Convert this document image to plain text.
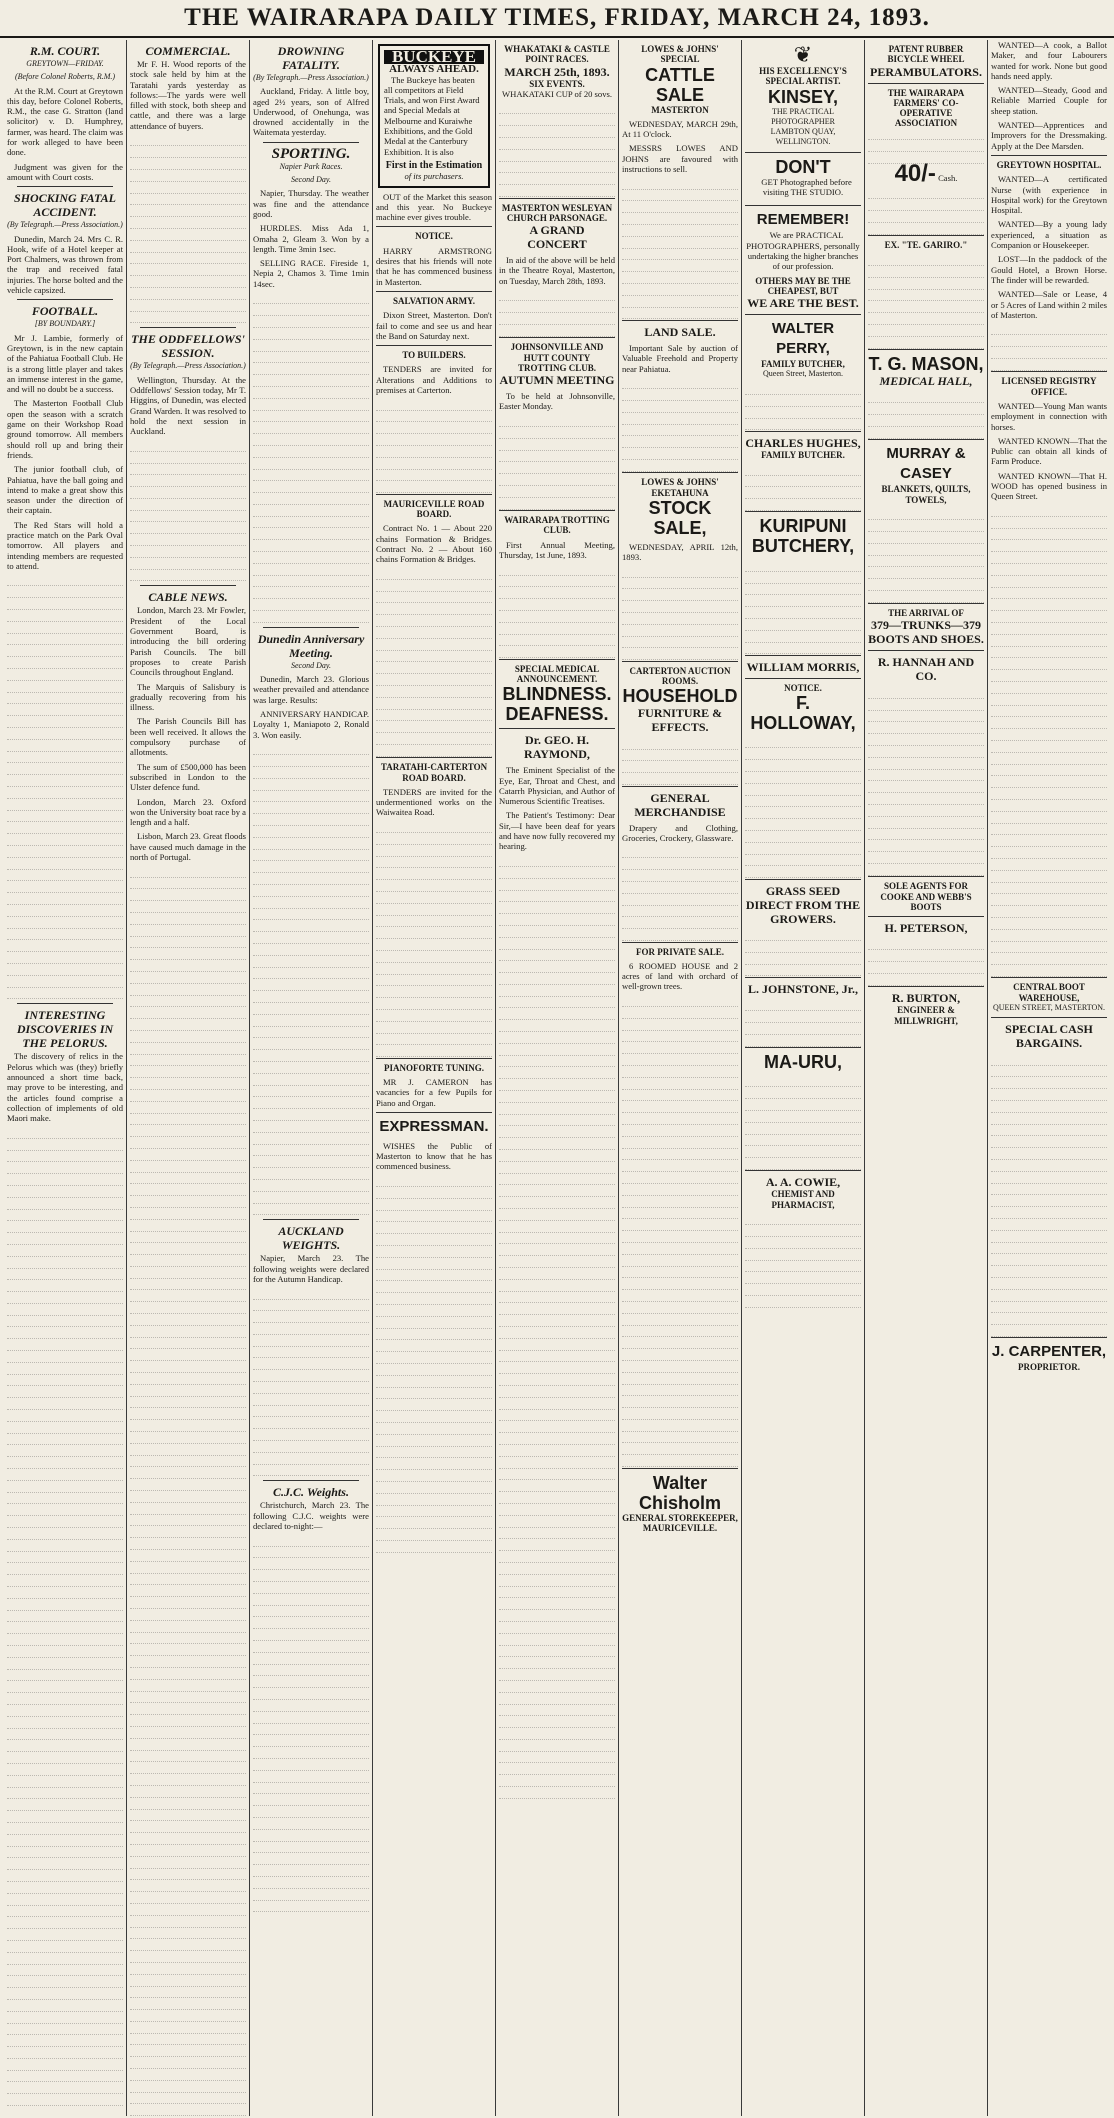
THE WAIRARAPA DAILY TIMES, FRIDAY, MARCH 24, 1893.
R.M. COURT.
GREYTOWN—FRIDAY.
(Before Colonel Roberts, R.M.)

At the R.M. Court at Greytown this day, before Colonel Roberts, R.M., the case G. Stratton (land solicitor) v. D. Humphrey, farmer, was heard. The claim was for work alleged to have been done.

Judgment was given for the amount with Court costs.

SHOCKING FATAL ACCIDENT.
(By Telegraph.—Press Association.)

Dunedin, March 24. Mrs C. R. Hook, wife of a Hotel keeper at Port Chalmers, was thrown from the trap and received fatal injuries. The horse bolted and the vehicle capsized.

FOOTBALL.
[BY BOUNDARY.]

Mr J. Lambie, formerly of Greytown, is in the new captain of the Pahiatua Football Club. He is a strong little player and takes an immense interest in the game, and will no doubt be a success.

The Masterton Football Club open the season with a scratch game on their Workshop Road ground tomorrow. All members should roll up and bring their friends.

The junior football club, of Pahiatua, have the ball going and intend to make a great show this season under the direction of their captain.

The Red Stars will hold a practice match on the Park Oval tomorrow. All players and intending members are requested to attend.

INTERESTING DISCOVERIES IN THE PELORUS.

The discovery of relics in the Pelorus which was (they) briefly announced a short time back, may prove to be interesting, and the articles found comprise a collection of implements of old Maori make.

COMMERCIAL.

Mr F. H. Wood reports of the stock sale held by him at the Taratahi yards yesterday as follows:—The yards were well filled with stock, both sheep and cattle, and there was a large attendance of buyers.

THE ODDFELLOWS' SESSION.
(By Telegraph.—Press Association.)

Wellington, Thursday. At the Oddfellows' Session today, Mr T. Higgins, of Dunedin, was elected Grand Warden. It was resolved to hold the next session in Auckland.

CABLE NEWS.

London, March 23. Mr Fowler, President of the Local Government Board, is introducing the bill ordering Parish Councils. The bill proposes to create Parish Councils throughout England.

The Marquis of Salisbury is gradually recovering from his illness.

The Parish Councils Bill has been well received. It allows the compulsory purchase of allotments.

The sum of £500,000 has been subscribed in London to the Ulster defence fund.

London, March 23. Oxford won the University boat race by a length and a half.

Lisbon, March 23. Great floods have caused much damage in the north of Portugal.

DROWNING FATALITY.
(By Telegraph.—Press Association.)

Auckland, Friday. A little boy, aged 2½ years, son of Alfred Underwood, of Onehunga, was drowned accidentally in the Waitemata yesterday.

SPORTING.
Napier Park Races.
Second Day.

Napier, Thursday. The weather was fine and the attendance good.

HURDLES. Miss Ada 1, Omaha 2, Gleam 3. Won by a length. Time 3min 1sec.

SELLING RACE. Fireside 1, Nepia 2, Chamos 3. Time 1min 14sec.

Dunedin Anniversary Meeting.
Second Day.

Dunedin, March 23. Glorious weather prevailed and attendance was large. Results:

ANNIVERSARY HANDICAP. Loyalty 1, Maniapoto 2, Ronald 3. Won easily.

AUCKLAND WEIGHTS.

Napier, March 23. The following weights were declared for the Autumn Handicap.

C.J.C. Weights.

Christchurch, March 23. The following C.J.C. weights were declared to-night:—

BUCKEYE
ALWAYS AHEAD.

The Buckeye has beaten all competitors at Field Trials, and won First Award and Special Medals at Melbourne and Kuraiwhe Exhibitions, and the Gold Medal at the Canterbury Exhibition. It is also

First in the Estimation
of its purchasers.

OUT of the Market this season and this year. No Buckeye machine ever gives trouble.

NOTICE.

HARRY ARMSTRONG desires that his friends will note that he has commenced business in Masterton.

SALVATION ARMY.

Dixon Street, Masterton. Don't fail to come and see us and hear the Band on Saturday next.

TO BUILDERS.

TENDERS are invited for Alterations and Additions to premises at Carterton.

MAURICEVILLE ROAD BOARD.

Contract No. 1 — About 220 chains Formation & Bridges. Contract No. 2 — About 160 chains Formation & Bridges.

TARATAHI-CARTERTON ROAD BOARD.

TENDERS are invited for the undermentioned works on the Waiwaitea Road.

PIANOFORTE TUNING.

MR J. CAMERON has vacancies for a few Pupils for Piano and Organ.

EXPRESSMAN.

WISHES the Public of Masterton to know that he has commenced business.

WHAKATAKI & CASTLE POINT RACES.
MARCH 25th, 1893.
SIX EVENTS.
WHAKATAKI CUP of 20 sovs.
MASTERTON WESLEYAN CHURCH PARSONAGE.
A GRAND CONCERT

In aid of the above will be held in the Theatre Royal, Masterton, on Tuesday, March 28th, 1893.

JOHNSONVILLE AND HUTT COUNTY TROTTING CLUB.
AUTUMN MEETING

To be held at Johnsonville, Easter Monday.

WAIRARAPA TROTTING CLUB.

First Annual Meeting, Thursday, 1st June, 1893.

SPECIAL MEDICAL ANNOUNCEMENT.
BLINDNESS.
DEAFNESS.
Dr. GEO. H. RAYMOND,

The Eminent Specialist of the Eye, Ear, Throat and Chest, and Catarrh Physician, and Author of Numerous Scientific Treatises.

The Patient's Testimony: Dear Sir,—I have been deaf for years and have now fully recovered my hearing.

LOWES & JOHNS'
SPECIAL
CATTLE SALE
MASTERTON

WEDNESDAY, MARCH 29th, At 11 O'clock.

MESSRS LOWES AND JOHNS are favoured with instructions to sell.

LAND SALE.

Important Sale by auction of Valuable Freehold and Property near Pahiatua.

LOWES & JOHNS'
EKETAHUNA
STOCK SALE,

WEDNESDAY, APRIL 12th, 1893.

CARTERTON AUCTION ROOMS.
HOUSEHOLD
FURNITURE & EFFECTS.
GENERAL MERCHANDISE

Drapery and Clothing, Groceries, Crockery, Glassware.

FOR PRIVATE SALE.

6 ROOMED HOUSE and 2 acres of land with orchard of well-grown trees.

Walter Chisholm
GENERAL STOREKEEPER,
MAURICEVILLE.
❦
HIS EXCELLENCY'S SPECIAL ARTIST.
KINSEY,
THE PRACTICAL PHOTOGRAPHER
LAMBTON QUAY, WELLINGTON.
DON'T

GET Photographed before visiting THE STUDIO.

REMEMBER!

We are PRACTICAL PHOTOGRAPHERS, personally undertaking the higher branches of our profession.

OTHERS MAY BE THE CHEAPEST, BUT
WE ARE THE BEST.
WALTER PERRY,
FAMILY BUTCHER,
Queen Street, Masterton.
CHARLES HUGHES,
FAMILY BUTCHER.
KURIPUNI
BUTCHERY,
WILLIAM MORRIS,
NOTICE.
F. HOLLOWAY,
GRASS SEED DIRECT FROM THE GROWERS.
L. JOHNSTONE, Jr.,
MA-URU,
A. A. COWIE,
CHEMIST AND PHARMACIST,
PATENT RUBBER BICYCLE WHEEL
PERAMBULATORS.
THE WAIRARAPA FARMERS' CO-OPERATIVE ASSOCIATION
40/- Cash.
EX. "TE. GARIRO."
T. G. MASON,
MEDICAL HALL,
MURRAY & CASEY
BLANKETS, QUILTS, TOWELS,
THE ARRIVAL OF
379—TRUNKS—379
BOOTS AND SHOES.
R. HANNAH AND CO.
SOLE AGENTS FOR COOKE AND WEBB'S BOOTS
H. PETERSON,
R. BURTON,
ENGINEER & MILLWRIGHT,

WANTED—A cook, a Ballot Maker, and four Labourers wanted for work. None but good hands need apply.

WANTED—Steady, Good and Reliable Married Couple for sheep station.

WANTED—Apprentices and Improvers for the Dressmaking. Apply at the Dee Marsden.

GREYTOWN HOSPITAL.

WANTED—A certificated Nurse (with experience in Hospital work) for the Greytown Hospital.

WANTED—By a young lady experienced, a situation as Companion or Housekeeper.

LOST—In the paddock of the Gould Hotel, a Brown Horse. The finder will be rewarded.

WANTED—Sale or Lease, 4 or 5 Acres of Land within 2 miles of Masterton.

LICENSED REGISTRY OFFICE.

WANTED—Young Man wants employment in connection with horses.

WANTED KNOWN—That the Public can obtain all kinds of Farm Produce.

WANTED KNOWN—That H. WOOD has opened business in Queen Street.

CENTRAL BOOT WAREHOUSE,
QUEEN STREET, MASTERTON.
SPECIAL CASH BARGAINS.
J. CARPENTER,
PROPRIETOR.
